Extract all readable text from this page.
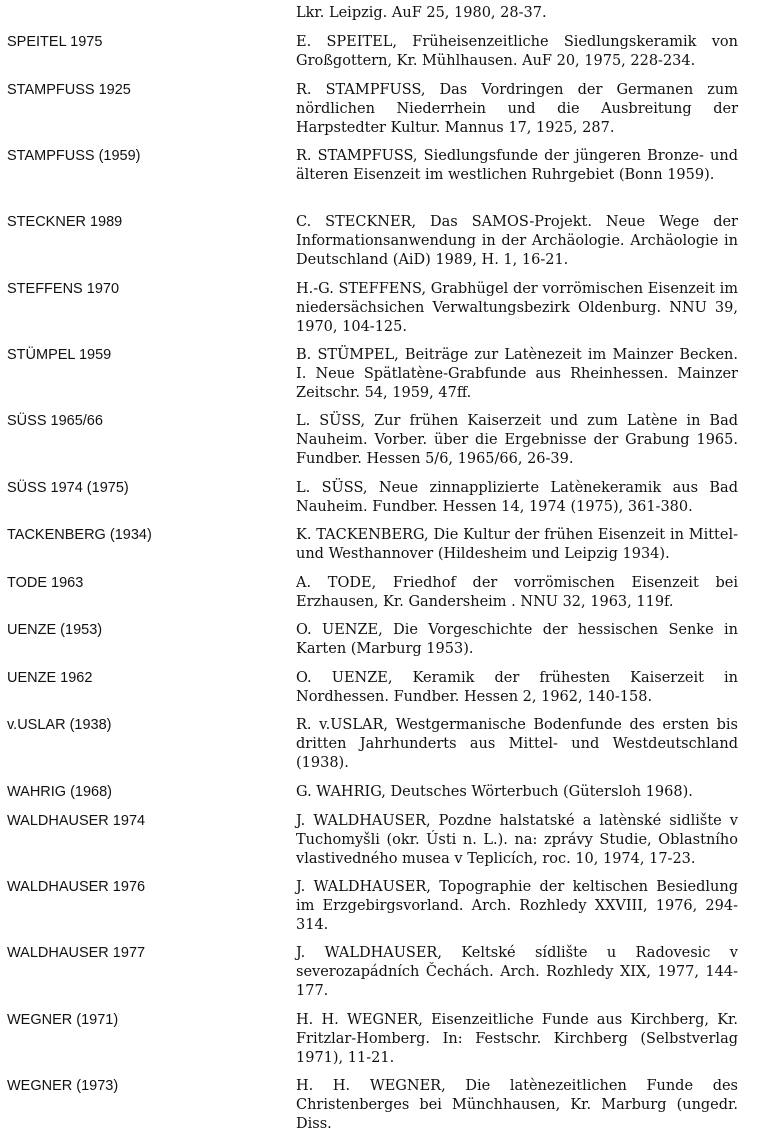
Lkr. Leipzig. AuF 25, 1980, 28-37.

SPEITEL 1975	E. SPEITEL, Früheisenzeitliche Siedlungskeramik von Großgottern, Kr. Mühlhausen. AuF 20, 1975, 228-234.

STAMPFUSS 1925	R. STAMPFUSS, Das Vordringen der Germanen zum nördlichen Niederrhein und die Ausbreitung der Harpstedter Kultur. Mannus 17, 1925, 287.

STAMPFUSS (1959)	R. STAMPFUSS, Siedlungsfunde der jüngeren Bronze- und älteren Eisenzeit im westlichen Ruhrgebiet (Bonn 1959).

STECKNER 1989	C. STECKNER, Das SAMOS-Projekt. Neue Wege der Informationsanwendung in der Archäologie. Archäologie in Deutschland (AiD) 1989, H. 1, 16-21.

STEFFENS 1970	H.-G. STEFFENS, Grabhügel der vorrömischen Eisenzeit im niedersächsichen Verwaltungsbezirk Oldenburg. NNU 39, 1970, 104-125.

STÜMPEL 1959	B. STÜMPEL, Beiträge zur Latènezeit im Mainzer Becken. I. Neue Spätlatène-Grabfunde aus Rheinhessen. Mainzer Zeitschr. 54, 1959, 47ff.

SÜSS 1965/66	L. SÜSS, Zur frühen Kaiserzeit und zum Latène in Bad Nauheim. Vorber. über die Ergebnisse der Grabung 1965. Fundber. Hessen 5/6, 1965/66, 26-39.

SÜSS 1974 (1975)	L. SÜSS, Neue zinnapplizierte Latènekeramik aus Bad Nauheim. Fundber. Hessen 14, 1974 (1975), 361-380.

TACKENBERG (1934)	K. TACKENBERG, Die Kultur der frühen Eisenzeit in Mittel- und Westhannover (Hildesheim und Leipzig 1934).

TODE 1963	A. TODE, Friedhof der vorrömischen Eisenzeit bei Erzhausen, Kr. Gandersheim . NNU 32, 1963, 119f.

UENZE (1953)	O. UENZE, Die Vorgeschichte der hessischen Senke in Karten (Marburg 1953).

UENZE 1962	O. UENZE, Keramik der frühesten Kaiserzeit in Nordhessen. Fundber. Hessen 2, 1962, 140-158.

v.USLAR (1938)	R. v.USLAR, Westgermanische Bodenfunde des ersten bis dritten Jahrhunderts aus Mittel- und Westdeutschland (1938).

WAHRIG (1968)	G. WAHRIG, Deutsches Wörterbuch (Gütersloh 1968).

WALDHAUSER 1974	J. WALDHAUSER, Pozdne halstatské a latènské sidlište v Tuchomyšli (okr. Ústi n. L.). na: zprávy Studie, Oblastního vlastivedného musea v Teplicích, roc. 10, 1974, 17-23.

WALDHAUSER 1976	J. WALDHAUSER, Topographie der keltischen Besiedlung im Erzgebirgsvorland. Arch. Rozhledy XXVIII, 1976, 294-314.

WALDHAUSER 1977	J. WALDHAUSER, Keltské sídlište u Radovesic v severozapádních Čechách. Arch. Rozhledy XIX, 1977, 144-177.

WEGNER (1971)	H. H. WEGNER, Eisenzeitliche Funde aus Kirchberg, Kr. Fritzlar-Homberg. In: Festschr. Kirchberg (Selbstverlag 1971), 11-21.

WEGNER (1973)	H. H. WEGNER, Die latènezeitlichen Funde des Christenberges bei Münchhausen, Kr. Marburg (ungedr. Diss.
